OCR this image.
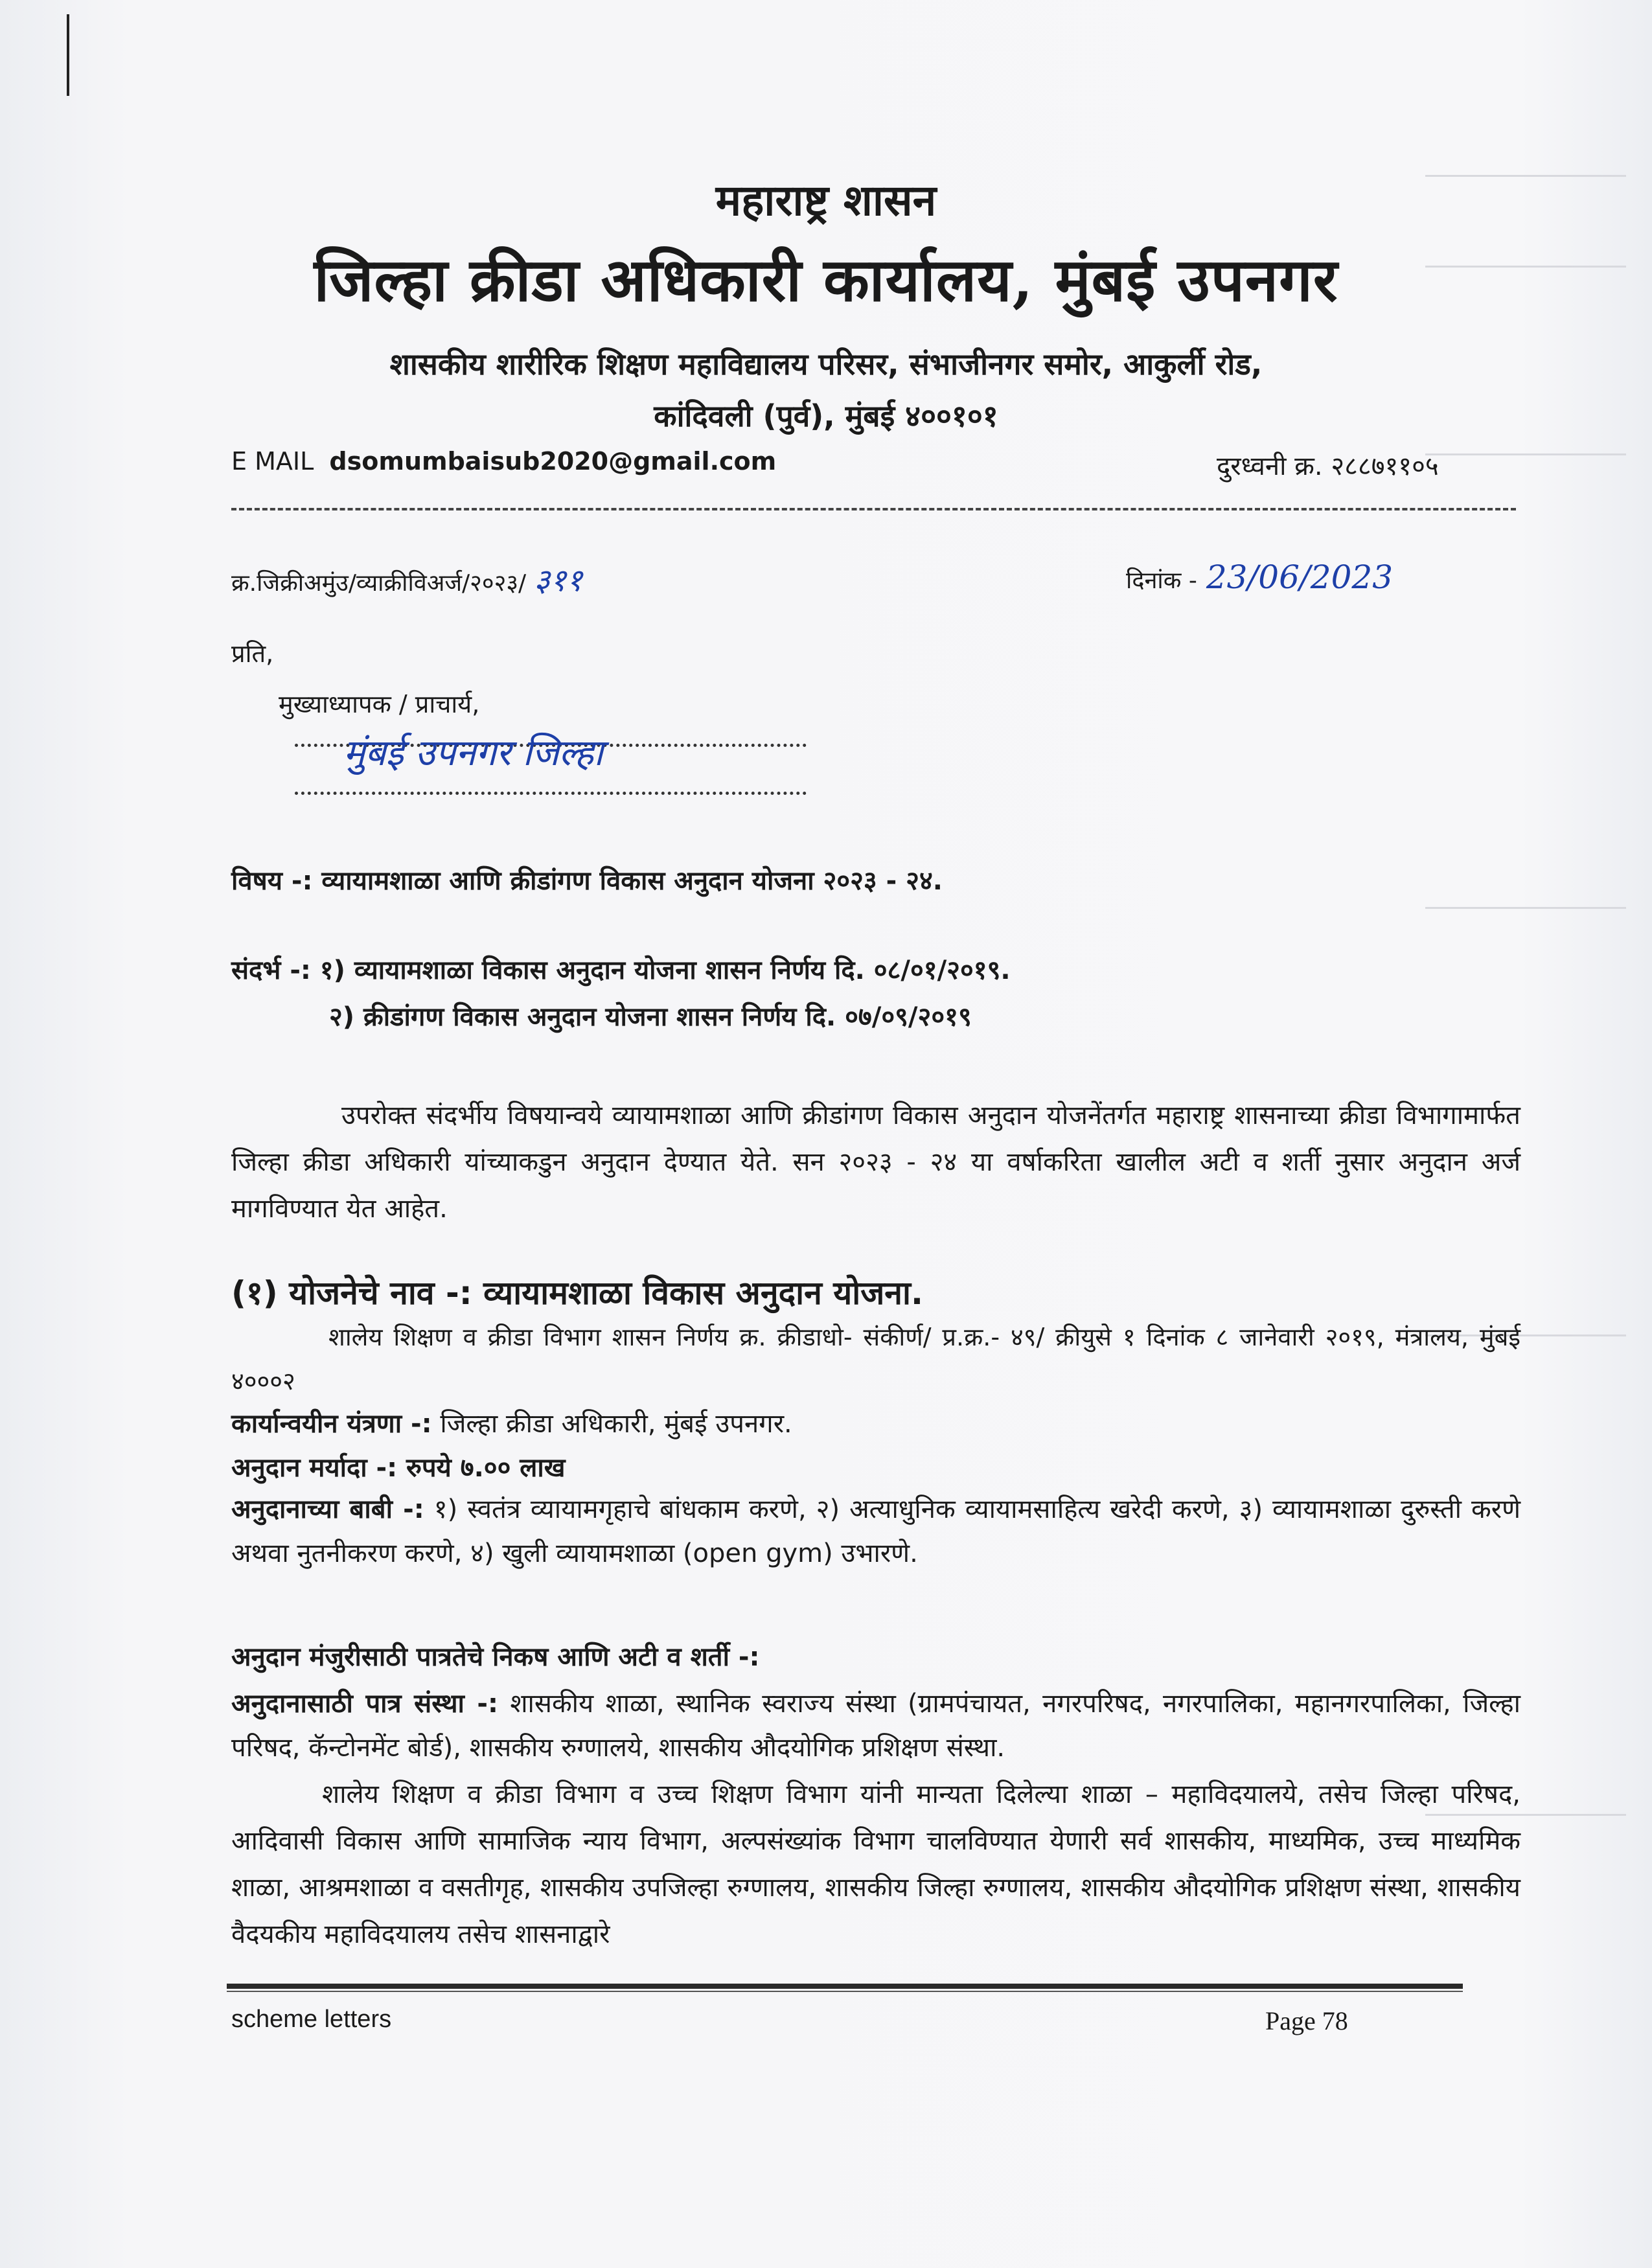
महाराष्ट्र शासन
जिल्हा क्रीडा अधिकारी कार्यालय, मुंबई उपनगर
शासकीय शारीरिक शिक्षण महाविद्यालय परिसर, संभाजीनगर समोर, आकुर्ली रोड,
कांदिवली (पुर्व), मुंबई ४००१०१
E MAIL dsomumbaisub2020@gmail.com	दुरध्वनी क्र. २८८७११०५
क्र.जिक्रीअमुंउ/व्याक्रीविअर्ज/२०२३/ ३११	दिनांक - 23/06/2023
प्रति,
मुख्याध्यापक / प्राचार्य,
मुंबई उपनगर जिल्हा
विषय -: व्यायामशाळा आणि क्रीडांगण विकास अनुदान योजना २०२३ - २४.
संदर्भ -: १) व्यायामशाळा विकास अनुदान योजना शासन निर्णय दि. ०८/०१/२०१९.
२) क्रीडांगण विकास अनुदान योजना शासन निर्णय दि. ०७/०९/२०१९
उपरोक्त संदर्भीय विषयान्वये व्यायामशाळा आणि क्रीडांगण विकास अनुदान योजनेंतर्गत महाराष्ट्र शासनाच्या क्रीडा विभागामार्फत जिल्हा क्रीडा अधिकारी यांच्याकडुन अनुदान देण्यात येते. सन २०२३ - २४ या वर्षाकरिता खालील अटी व शर्ती नुसार अनुदान अर्ज मागविण्यात येत आहेत.
(१) योजनेचे नाव -: व्यायामशाळा विकास अनुदान योजना.
शालेय शिक्षण व क्रीडा विभाग शासन निर्णय क्र. क्रीडाधो- संकीर्ण/ प्र.क्र.- ४९/ क्रीयुसे १ दिनांक ८ जानेवारी २०१९, मंत्रालय, मुंबई ४०००२
कार्यान्वयीन यंत्रणा -: जिल्हा क्रीडा अधिकारी, मुंबई उपनगर.
अनुदान मर्यादा -: रुपये ७.०० लाख
अनुदानाच्या बाबी -: १) स्वतंत्र व्यायामगृहाचे बांधकाम करणे, २) अत्याधुनिक व्यायामसाहित्य खरेदी करणे, ३) व्यायामशाळा दुरुस्ती करणे अथवा नुतनीकरण करणे, ४) खुली व्यायामशाळा (open gym) उभारणे.
अनुदान मंजुरीसाठी पात्रतेचे निकष आणि अटी व शर्ती -:
अनुदानासाठी पात्र संस्था -: शासकीय शाळा, स्थानिक स्वराज्य संस्था (ग्रामपंचायत, नगरपरिषद, नगरपालिका, महानगरपालिका, जिल्हा परिषद, कॅन्टोनमेंट बोर्ड), शासकीय रुग्णालये, शासकीय औदयोगिक प्रशिक्षण संस्था.
शालेय शिक्षण व क्रीडा विभाग व उच्च शिक्षण विभाग यांनी मान्यता दिलेल्या शाळा – महाविदयालये, तसेच जिल्हा परिषद, आदिवासी विकास आणि सामाजिक न्याय विभाग, अल्पसंख्यांक विभाग चालविण्यात येणारी सर्व शासकीय, माध्यमिक, उच्च माध्यमिक शाळा, आश्रमशाळा व वसतीगृह, शासकीय उपजिल्हा रुग्णालय, शासकीय जिल्हा रुग्णालय, शासकीय औदयोगिक प्रशिक्षण संस्था, शासकीय वैदयकीय महाविदयालय तसेच शासनाद्वारे
scheme letters	Page 78
